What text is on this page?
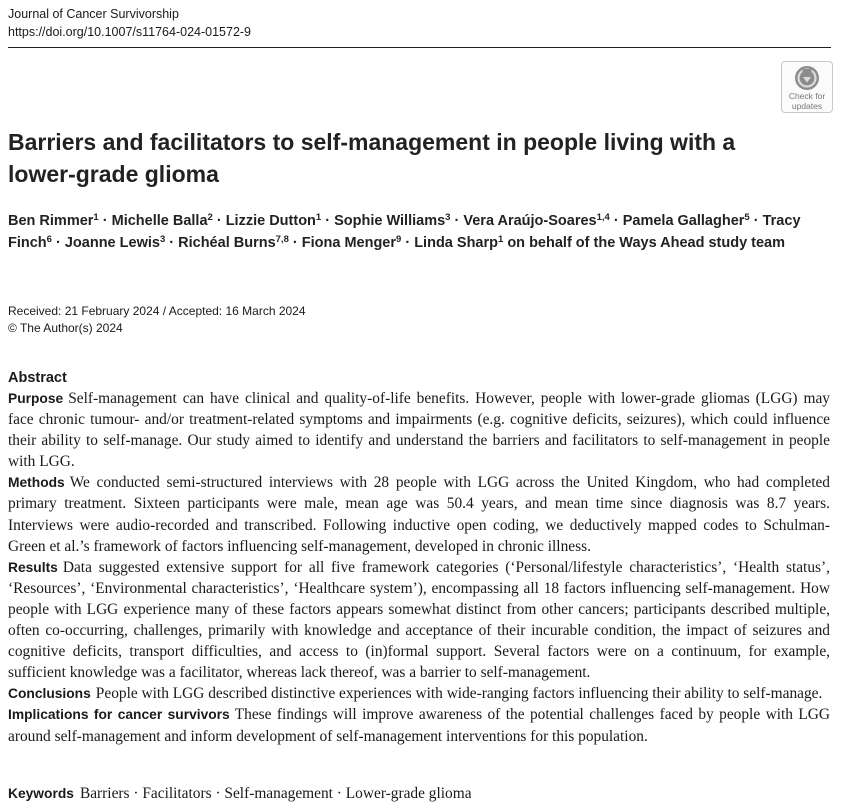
Journal of Cancer Survivorship
https://doi.org/10.1007/s11764-024-01572-9
Check for
updates
Barriers and facilitators to self-management in people living with a lower-grade glioma
Ben Rimmer$^1$ · Michelle Balla$^2$ · Lizzie Dutton$^1$ · Sophie Williams$^3$ · Vera Araújo-Soares$^{1,4}$ · Pamela Gallagher$^5$ · Tracy Finch$^6$ · Joanne Lewis$^3$ · Richéal Burns$^{7,8}$ · Fiona Menger$^9$ · Linda Sharp$^1$ on behalf of the Ways Ahead study team
Received: 21 February 2024 / Accepted: 16 March 2024
© The Author(s) 2024
Abstract

Purpose Self-management can have clinical and quality-of-life benefits. However, people with lower-grade gliomas (LGG) may face chronic tumour- and/or treatment-related symptoms and impairments (e.g. cognitive deficits, seizures), which could influence their ability to self-manage. Our study aimed to identify and understand the barriers and facilitators to self-management in people with LGG.

Methods We conducted semi-structured interviews with 28 people with LGG across the United Kingdom, who had completed primary treatment. Sixteen participants were male, mean age was 50.4 years, and mean time since diagnosis was 8.7 years. Interviews were audio-recorded and transcribed. Following inductive open coding, we deductively mapped codes to Schulman-Green et al.’s framework of factors influencing self-management, developed in chronic illness.

Results Data suggested extensive support for all five framework categories (‘Personal/lifestyle characteristics’, ‘Health status’, ‘Resources’, ‘Environmental characteristics’, ‘Healthcare system’), encompassing all 18 factors influencing self-management. How people with LGG experience many of these factors appears somewhat distinct from other cancers; participants described multiple, often co-occurring, challenges, primarily with knowledge and acceptance of their incurable condition, the impact of seizures and cognitive deficits, transport difficulties, and access to (in)formal support. Several factors were on a continuum, for example, sufficient knowledge was a facilitator, whereas lack thereof, was a barrier to self-management.

Conclusions People with LGG described distinctive experiences with wide-ranging factors influencing their ability to self-manage.

Implications for cancer survivors These findings will improve awareness of the potential challenges faced by people with LGG around self-management and inform development of self-management interventions for this population.

Keywords Barriers · Facilitators · Self-management · Lower-grade glioma
